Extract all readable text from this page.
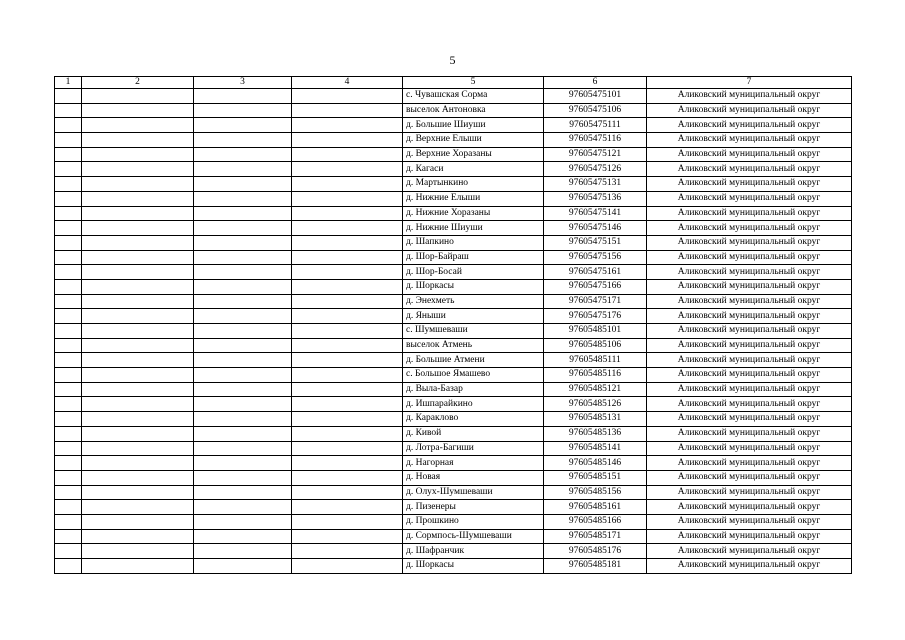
5
1	2	3	4	5	6	7
				с. Чувашская Сорма	97605475101	Аликовский муниципальный округ
				выселок Антоновка	97605475106	Аликовский муниципальный округ
				д. Большие Шиуши	97605475111	Аликовский муниципальный округ
				д. Верхние Елыши	97605475116	Аликовский муниципальный округ
				д. Верхние Хоразаны	97605475121	Аликовский муниципальный округ
				д. Кагаси	97605475126	Аликовский муниципальный округ
				д. Мартынкино	97605475131	Аликовский муниципальный округ
				д. Нижние Елыши	97605475136	Аликовский муниципальный округ
				д. Нижние Хоразаны	97605475141	Аликовский муниципальный округ
				д. Нижние Шиуши	97605475146	Аликовский муниципальный округ
				д. Шапкино	97605475151	Аликовский муниципальный округ
				д. Шор-Байраш	97605475156	Аликовский муниципальный округ
				д. Шор-Босай	97605475161	Аликовский муниципальный округ
				д. Шоркасы	97605475166	Аликовский муниципальный округ
				д. Энехметь	97605475171	Аликовский муниципальный округ
				д. Яныши	97605475176	Аликовский муниципальный округ
				с. Шумшеваши	97605485101	Аликовский муниципальный округ
				выселок Атмень	97605485106	Аликовский муниципальный округ
				д. Большие Атмени	97605485111	Аликовский муниципальный округ
				с. Большое Ямашево	97605485116	Аликовский муниципальный округ
				д. Выла-Базар	97605485121	Аликовский муниципальный округ
				д. Ишпарайкино	97605485126	Аликовский муниципальный округ
				д. Караклово	97605485131	Аликовский муниципальный округ
				д. Кивой	97605485136	Аликовский муниципальный округ
				д. Лотра-Багиши	97605485141	Аликовский муниципальный округ
				д. Нагорная	97605485146	Аликовский муниципальный округ
				д. Новая	97605485151	Аликовский муниципальный округ
				д. Олух-Шумшеваши	97605485156	Аликовский муниципальный округ
				д. Пизенеры	97605485161	Аликовский муниципальный округ
				д. Прошкино	97605485166	Аликовский муниципальный округ
				д. Сормпось-Шумшеваши	97605485171	Аликовский муниципальный округ
				д. Шафранчик	97605485176	Аликовский муниципальный округ
				д. Шоркасы	97605485181	Аликовский муниципальный округ
